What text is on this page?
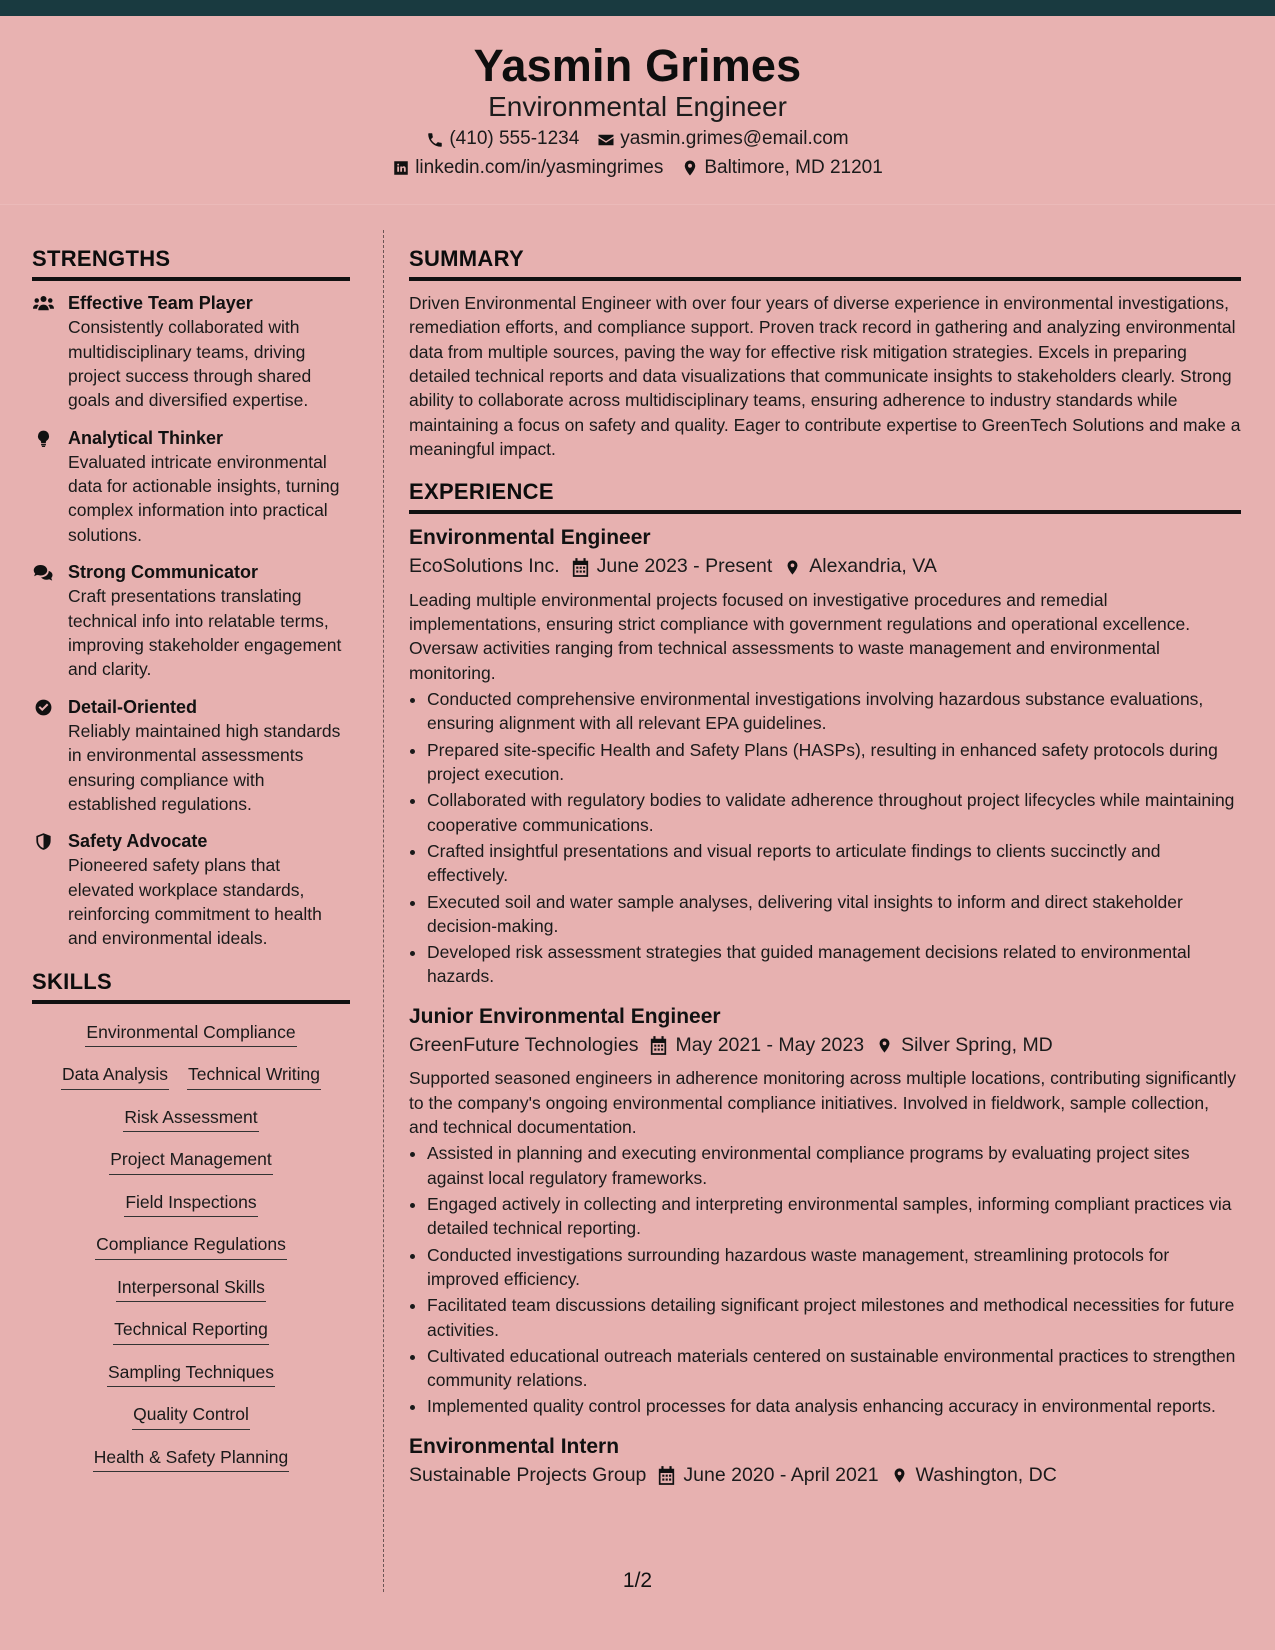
Yasmin Grimes
Environmental Engineer
(410) 555-1234 yasmin.grimes@email.com
linkedin.com/in/yasmingrimes Baltimore, MD 21201
STRENGTHS
Effective Team Player
Consistently collaborated with multidisciplinary teams, driving project success through shared goals and diversified expertise.
Analytical Thinker
Evaluated intricate environmental data for actionable insights, turning complex information into practical solutions.
Strong Communicator
Craft presentations translating technical info into relatable terms, improving stakeholder engagement and clarity.
Detail-Oriented
Reliably maintained high standards in environmental assessments ensuring compliance with established regulations.
Safety Advocate
Pioneered safety plans that elevated workplace standards, reinforcing commitment to health and environmental ideals.
SKILLS
Environmental Compliance
Data Analysis Technical Writing
Risk Assessment
Project Management
Field Inspections
Compliance Regulations
Interpersonal Skills
Technical Reporting
Sampling Techniques
Quality Control
Health & Safety Planning
SUMMARY
Driven Environmental Engineer with over four years of diverse experience in environmental investigations, remediation efforts, and compliance support. Proven track record in gathering and analyzing environmental data from multiple sources, paving the way for effective risk mitigation strategies. Excels in preparing detailed technical reports and data visualizations that communicate insights to stakeholders clearly. Strong ability to collaborate across multidisciplinary teams, ensuring adherence to industry standards while maintaining a focus on safety and quality. Eager to contribute expertise to GreenTech Solutions and make a meaningful impact.
EXPERIENCE
Environmental Engineer
EcoSolutions Inc. June 2023 - Present Alexandria, VA
Leading multiple environmental projects focused on investigative procedures and remedial implementations, ensuring strict compliance with government regulations and operational excellence. Oversaw activities ranging from technical assessments to waste management and environmental monitoring.
• Conducted comprehensive environmental investigations involving hazardous substance evaluations, ensuring alignment with all relevant EPA guidelines.
• Prepared site-specific Health and Safety Plans (HASPs), resulting in enhanced safety protocols during project execution.
• Collaborated with regulatory bodies to validate adherence throughout project lifecycles while maintaining cooperative communications.
• Crafted insightful presentations and visual reports to articulate findings to clients succinctly and effectively.
• Executed soil and water sample analyses, delivering vital insights to inform and direct stakeholder decision-making.
• Developed risk assessment strategies that guided management decisions related to environmental hazards.
Junior Environmental Engineer
GreenFuture Technologies May 2021 - May 2023 Silver Spring, MD
Supported seasoned engineers in adherence monitoring across multiple locations, contributing significantly to the company's ongoing environmental compliance initiatives. Involved in fieldwork, sample collection, and technical documentation.
• Assisted in planning and executing environmental compliance programs by evaluating project sites against local regulatory frameworks.
• Engaged actively in collecting and interpreting environmental samples, informing compliant practices via detailed technical reporting.
• Conducted investigations surrounding hazardous waste management, streamlining protocols for improved efficiency.
• Facilitated team discussions detailing significant project milestones and methodical necessities for future activities.
• Cultivated educational outreach materials centered on sustainable environmental practices to strengthen community relations.
• Implemented quality control processes for data analysis enhancing accuracy in environmental reports.
Environmental Intern
Sustainable Projects Group June 2020 - April 2021 Washington, DC
1/2
